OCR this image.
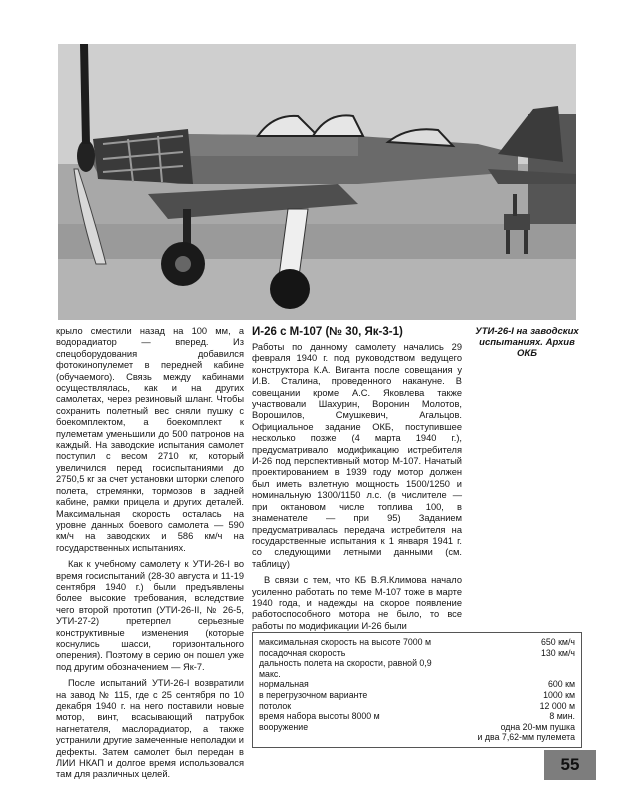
УТИ-26-I на заводских испытаниях. Архив ОКБ

крыло сместили назад на 100 мм, а водорадиатор — вперед. Из спецоборудования добавился фотокинопулемет в передней кабине (обучаемого). Связь между кабинами осуществлялась, как и на других самолетах, через резиновый шланг. Чтобы сохранить полетный вес сняли пушку с боекомплектом, а боекомплект к пулеметам уменьшили до 500 патронов на каждый. На заводские испытания самолет поступил с весом 2710 кг, который увеличился перед госиспытаниями до 2750,5 кг за счет установки шторки слепого полета, стремянки, тормозов в задней кабине, рамки прицела и других деталей. Максимальная скорость осталась на уровне данных боевого самолета — 590 км/ч на заводских и 586 км/ч на государственных испытаниях.

Как к учебному самолету к УТИ-26-I во время госиспытаний (28-30 августа и 11-19 сентября 1940 г.) были предъявлены более высокие требования, вследствие чего второй прототип (УТИ-26-II, № 26-5, УТИ-27-2) претерпел серьезные конструктивные изменения (которые коснулись шасси, горизонтального оперения). Поэтому в серию он пошел уже под другим обозначением — Як-7.

После испытаний УТИ-26-I возвратили на завод № 115, где с 25 сентября по 10 декабря 1940 г. на него поставили новые мотор, винт, всасывающий патрубок нагнетателя, маслорадиатор, а также устранили другие замеченные неполадки и дефекты. Затем самолет был передан в ЛИИ НКАП и долгое время использовался там для различных целей.

И-26 с М-107 (№ 30, Як-3-1)

Работы по данному самолету начались 29 февраля 1940 г. под руководством ведущего конструктора К.А. Виганта после совещания у И.В. Сталина, проведенного накануне. В совещании кроме А.С. Яковлева также участвовали Шахурин, Воронин Молотов, Ворошилов, Смушкевич, Агальцов. Официальное задание ОКБ, поступившее несколько позже (4 марта 1940 г.), предусматривало модификацию истребителя И-26 под перспективный мотор М-107. Начатый проектированием в 1939 году мотор должен был иметь взлетную мощность 1500/1250 и номинальную 1300/1150 л.с. (в числителе — при октановом числе топлива 100, в знаменателе — при 95) Заданием предусматривалась передача истребителя на государственные испытания к 1 января 1941 г. со следующими летными данными (см. таблицу)

В связи с тем, что КБ В.Я.Климова начало усиленно работать по теме М-107 тоже в марте 1940 года, и надежды на скорое появление работоспособного мотора не было, то все работы по модификации И-26 были

максимальная скорость на высоте 7000 м	650 км/ч
посадочная скорость	130 км/ч
дальность полета на скорости, равной 0,9 макс.
нормальная	600 км
в перегрузочном варианте	1000 км
потолок	12 000 м
время набора высоты 8000 м	8 мин.
вооружение	одна 20-мм пушка
и два 7,62-мм пулемета
55
